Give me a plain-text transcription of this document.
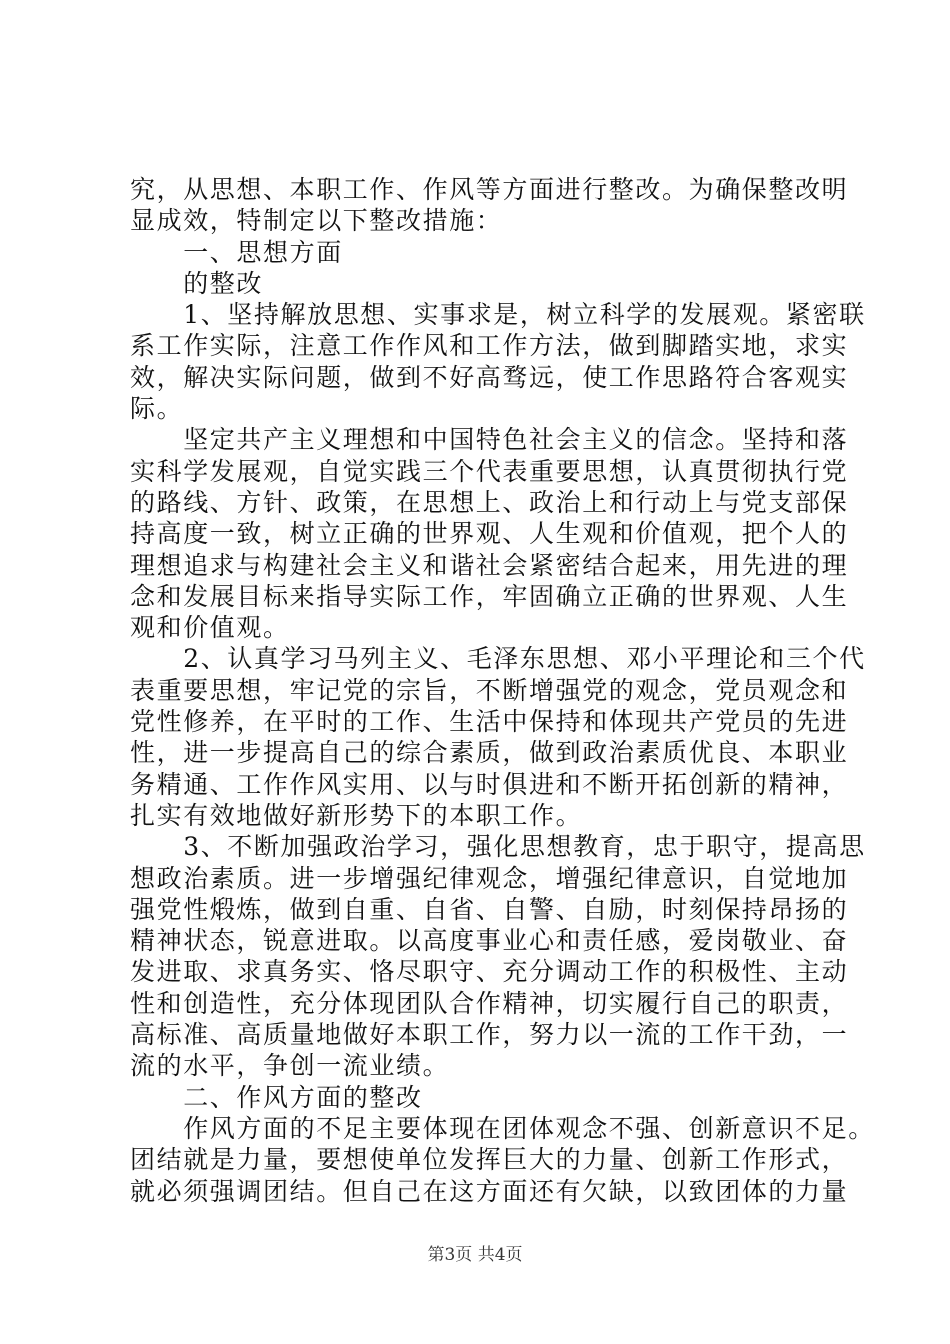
究，从思想、本职工作、作风等方面进行整改。为确保整改明
显成效，特制定以下整改措施：
　　一、思想方面
　　的整改
　　1、坚持解放思想、实事求是，树立科学的发展观。紧密联
系工作实际，注意工作作风和工作方法，做到脚踏实地，求实
效，解决实际问题，做到不好高骛远，使工作思路符合客观实
际。
　　坚定共产主义理想和中国特色社会主义的信念。坚持和落
实科学发展观，自觉实践三个代表重要思想，认真贯彻执行党
的路线、方针、政策，在思想上、政治上和行动上与党支部保
持高度一致，树立正确的世界观、人生观和价值观，把个人的
理想追求与构建社会主义和谐社会紧密结合起来，用先进的理
念和发展目标来指导实际工作，牢固确立正确的世界观、人生
观和价值观。
　　2、认真学习马列主义、毛泽东思想、邓小平理论和三个代
表重要思想，牢记党的宗旨，不断增强党的观念，党员观念和
党性修养，在平时的工作、生活中保持和体现共产党员的先进
性，进一步提高自己的综合素质，做到政治素质优良、本职业
务精通、工作作风实用、以与时俱进和不断开拓创新的精神，
扎实有效地做好新形势下的本职工作。
　　3、不断加强政治学习，强化思想教育，忠于职守，提高思
想政治素质。进一步增强纪律观念，增强纪律意识，自觉地加
强党性煅炼，做到自重、自省、自警、自励，时刻保持昂扬的
精神状态，锐意进取。以高度事业心和责任感，爱岗敬业、奋
发进取、求真务实、恪尽职守、充分调动工作的积极性、主动
性和创造性，充分体现团队合作精神，切实履行自己的职责，
高标准、高质量地做好本职工作，努力以一流的工作干劲，一
流的水平，争创一流业绩。
　　二、作风方面的整改
　　作风方面的不足主要体现在团体观念不强、创新意识不足。
团结就是力量，要想使单位发挥巨大的力量、创新工作形式，
就必须强调团结。但自己在这方面还有欠缺，以致团体的力量
第3页 共4页
